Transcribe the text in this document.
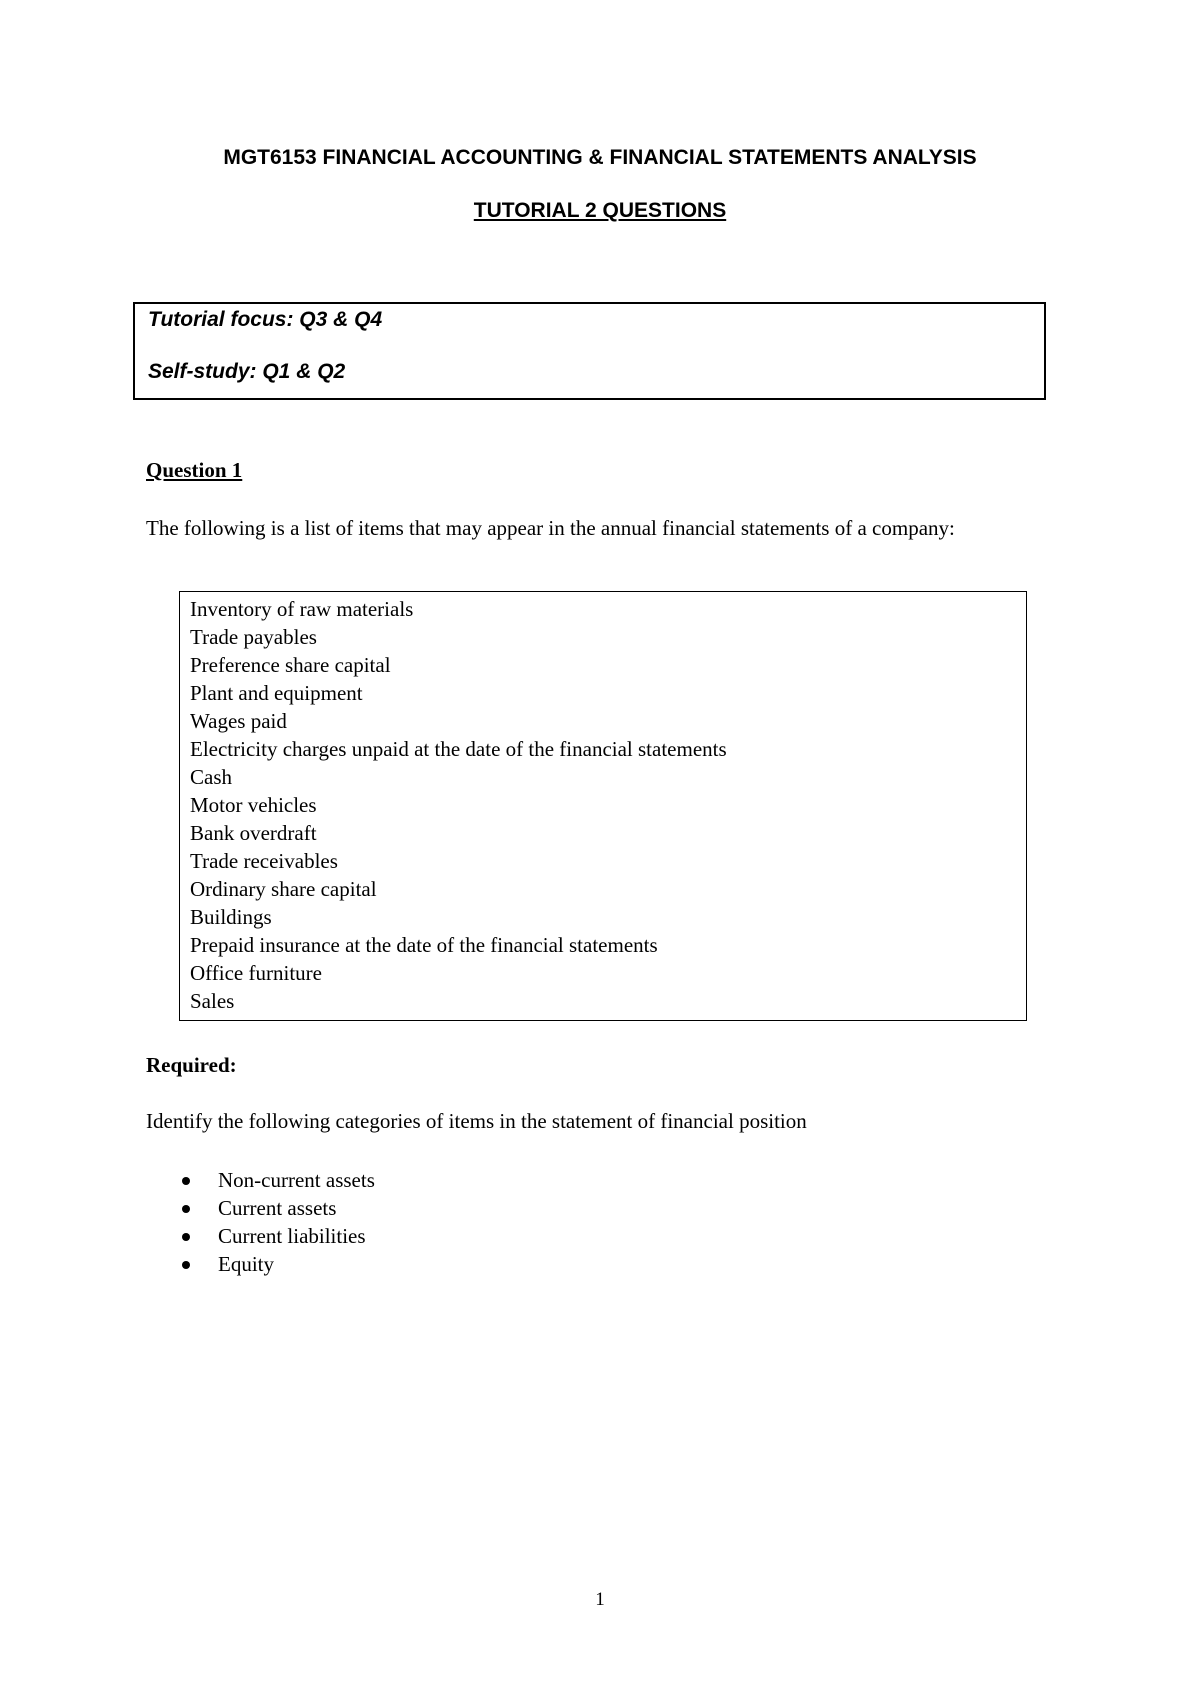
MGT6153 FINANCIAL ACCOUNTING & FINANCIAL STATEMENTS ANALYSIS
TUTORIAL 2 QUESTIONS
Tutorial focus: Q3 & Q4
Self-study: Q1 & Q2
Question 1
The following is a list of items that may appear in the annual financial statements of a company:
Inventory of raw materials
Trade payables
Preference share capital
Plant and equipment
Wages paid
Electricity charges unpaid at the date of the financial statements
Cash
Motor vehicles
Bank overdraft
Trade receivables
Ordinary share capital
Buildings
Prepaid insurance at the date of the financial statements
Office furniture
Sales
Required:
Identify the following categories of items in the statement of financial position
Non-current assets
Current assets
Current liabilities
Equity
1
